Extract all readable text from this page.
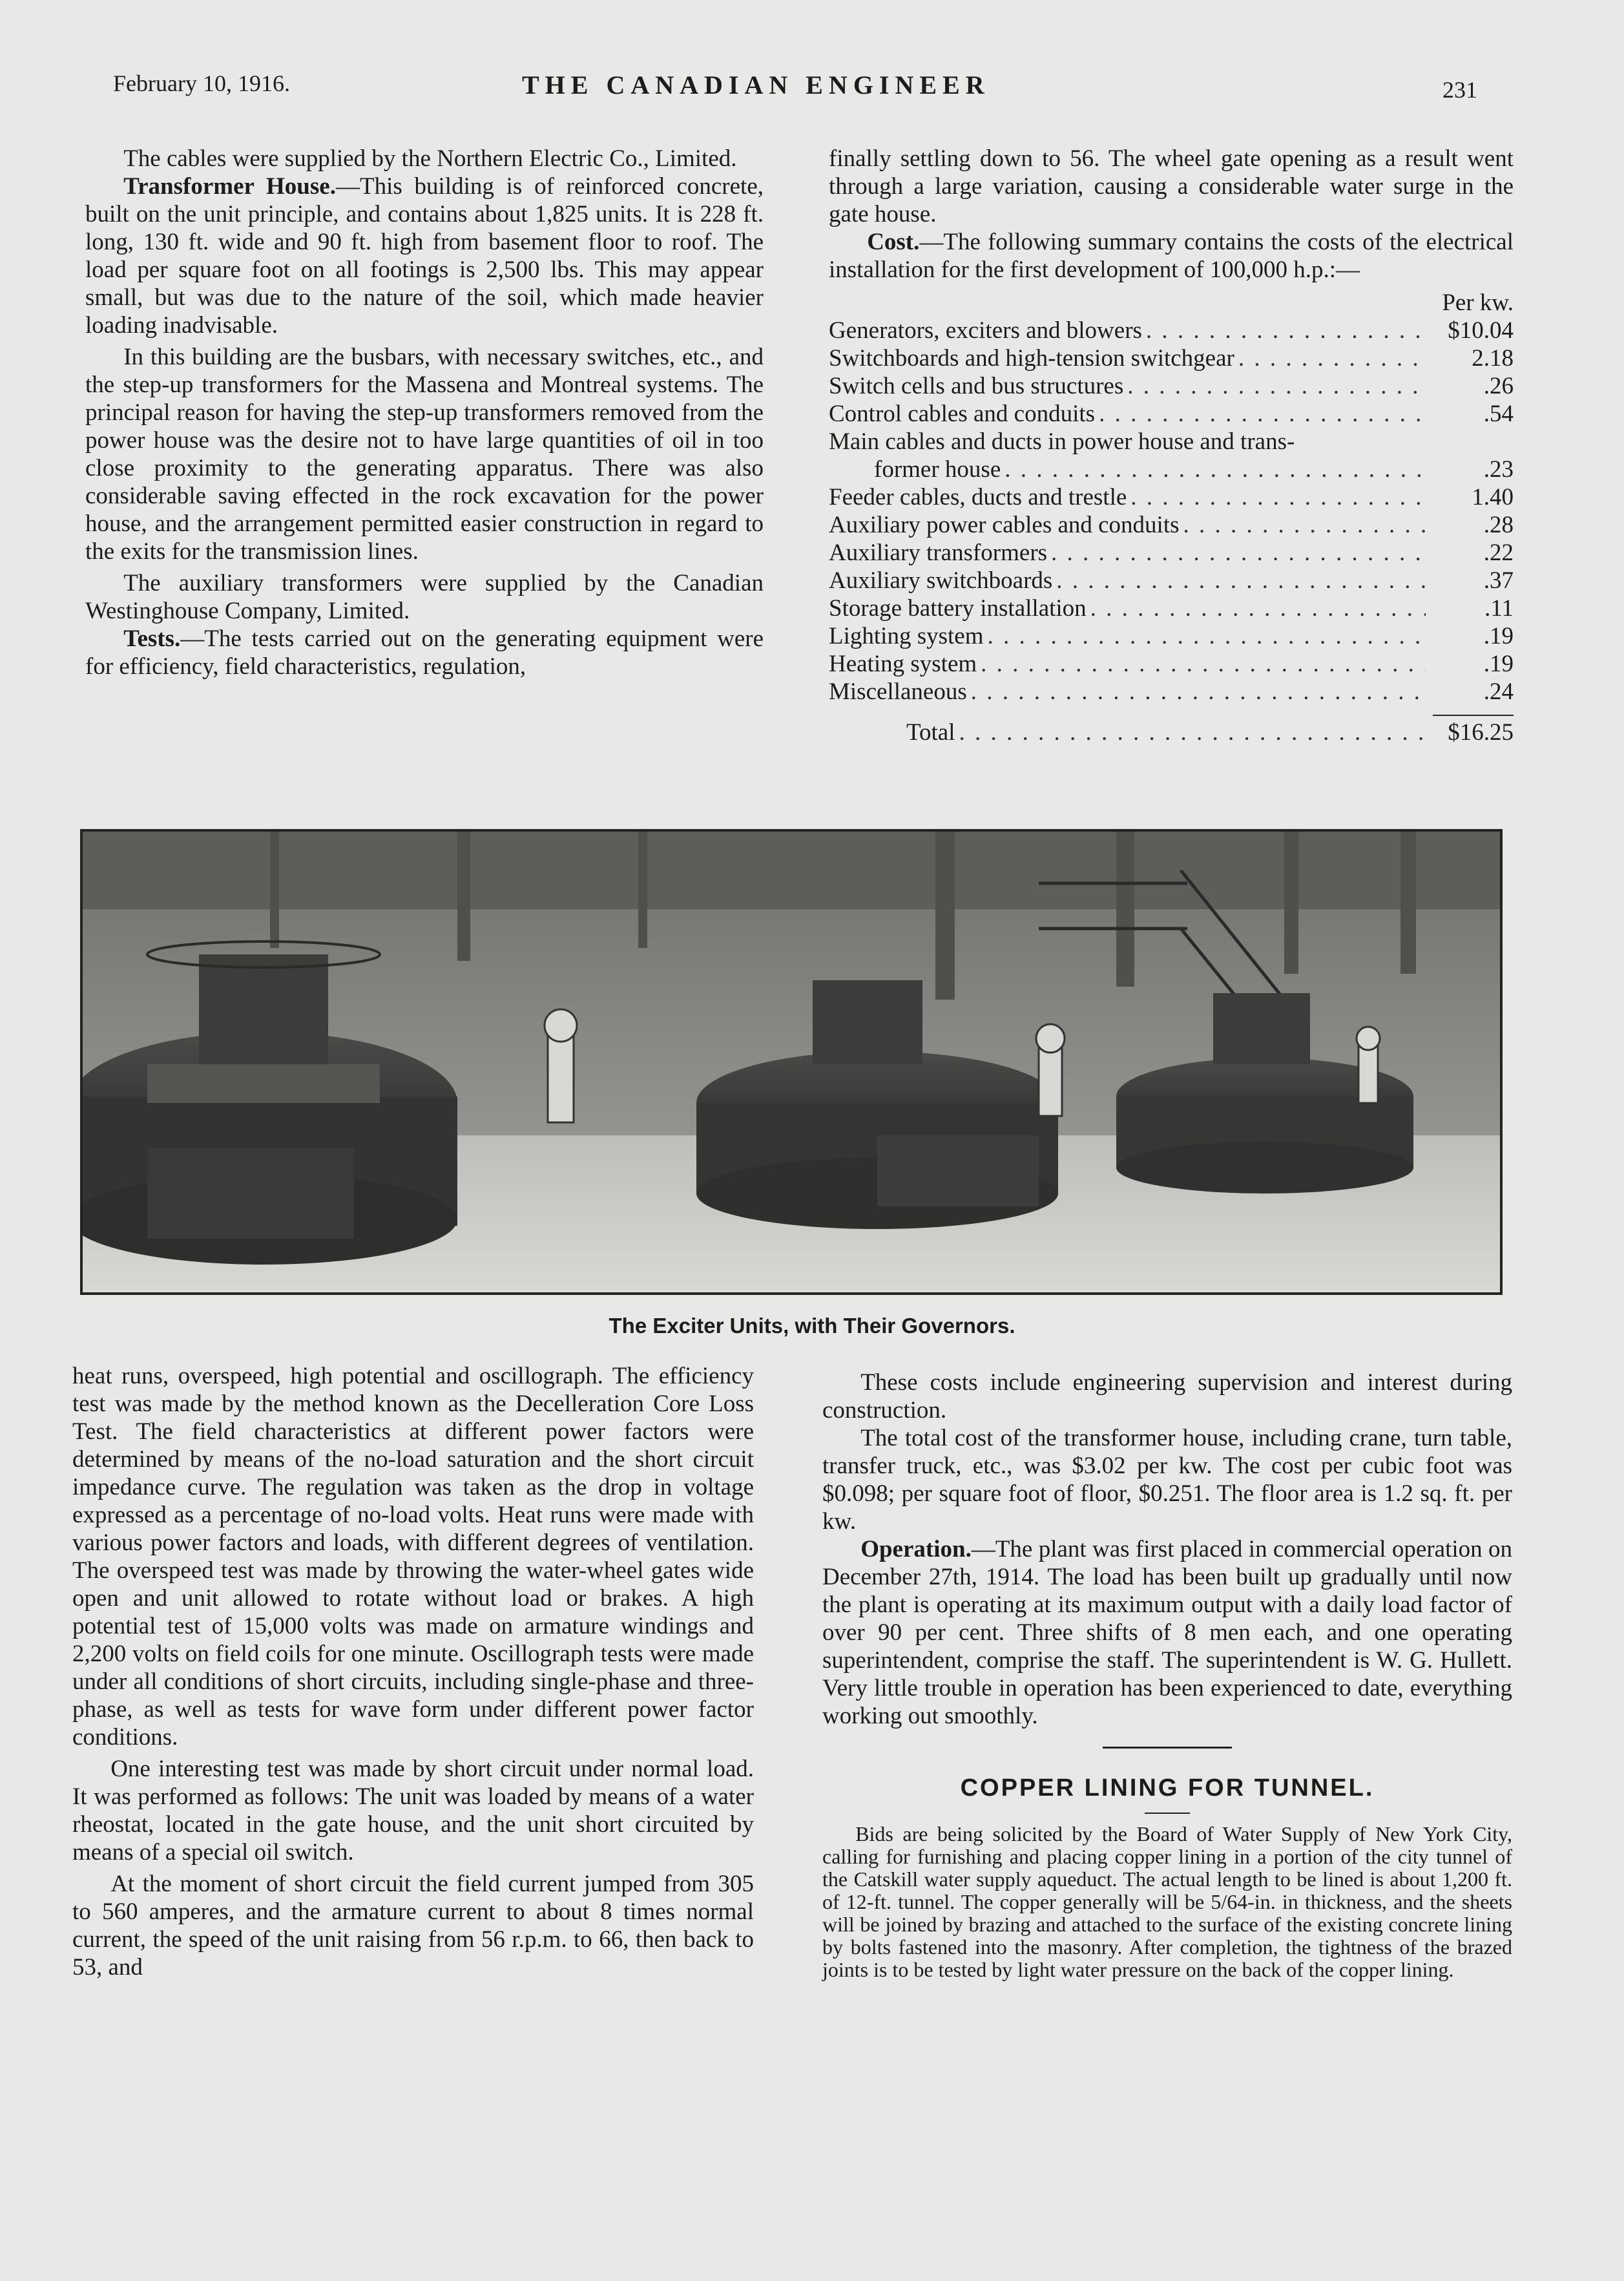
February 10, 1916.	THE CANADIAN ENGINEER	231

The cables were supplied by the Northern Electric Co., Limited.

Transformer House.—This building is of reinforced concrete, built on the unit principle, and contains about 1,825 units. It is 228 ft. long, 130 ft. wide and 90 ft. high from basement floor to roof. The load per square foot on all footings is 2,500 lbs. This may appear small, but was due to the nature of the soil, which made heavier loading inadvisable.

In this building are the busbars, with necessary switches, etc., and the step-up transformers for the Massena and Montreal systems. The principal reason for having the step-up transformers removed from the power house was the desire not to have large quantities of oil in too close proximity to the generating apparatus. There was also considerable saving effected in the rock excavation for the power house, and the arrangement permitted easier construction in regard to the exits for the transmission lines.

The auxiliary transformers were supplied by the Canadian Westinghouse Company, Limited.

Tests.—The tests carried out on the generating equipment were for efficiency, field characteristics, regulation,

finally settling down to 56. The wheel gate opening as a result went through a large variation, causing a considerable water surge in the gate house.

Cost.—The following summary contains the costs of the electrical installation for the first development of 100,000 h.p.:—

Per kw.
Generators, exciters and blowers . . .	$10.04
Switchboards and high-tension switchgear . . .	2.18
Switch cells and bus structures . . .	.26
Control cables and conduits . . .	.54
Main cables and ducts in power house and trans-
former house . . .	.23
Feeder cables, ducts and trestle . . .	1.40
Auxiliary power cables and conduits . . .	.28
Auxiliary transformers . . .	.22
Auxiliary switchboards . . .	.37
Storage battery installation . . .	.11
Lighting system . . .	.19
Heating system . . .	.19
Miscellaneous . . .	.24
Total . . .	$16.25
The Exciter Units, with Their Governors.

heat runs, overspeed, high potential and oscillograph. The efficiency test was made by the method known as the Decelleration Core Loss Test. The field characteristics at different power factors were determined by means of the no-load saturation and the short circuit impedance curve. The regulation was taken as the drop in voltage expressed as a percentage of no-load volts. Heat runs were made with various power factors and loads, with different degrees of ventilation. The overspeed test was made by throwing the water-wheel gates wide open and unit allowed to rotate without load or brakes. A high potential test of 15,000 volts was made on armature windings and 2,200 volts on field coils for one minute. Oscillograph tests were made under all conditions of short circuits, including single-phase and three-phase, as well as tests for wave form under different power factor conditions.

One interesting test was made by short circuit under normal load. It was performed as follows: The unit was loaded by means of a water rheostat, located in the gate house, and the unit short circuited by means of a special oil switch.

At the moment of short circuit the field current jumped from 305 to 560 amperes, and the armature current to about 8 times normal current, the speed of the unit raising from 56 r.p.m. to 66, then back to 53, and

These costs include engineering supervision and interest during construction.

The total cost of the transformer house, including crane, turn table, transfer truck, etc., was $3.02 per kw. The cost per cubic foot was $0.098; per square foot of floor, $0.251. The floor area is 1.2 sq. ft. per kw.

Operation.—The plant was first placed in commercial operation on December 27th, 1914. The load has been built up gradually until now the plant is operating at its maximum output with a daily load factor of over 90 per cent. Three shifts of 8 men each, and one operating superintendent, comprise the staff. The superintendent is W. G. Hullett. Very little trouble in operation has been experienced to date, everything working out smoothly.

COPPER LINING FOR TUNNEL.

Bids are being solicited by the Board of Water Supply of New York City, calling for furnishing and placing copper lining in a portion of the city tunnel of the Catskill water supply aqueduct. The actual length to be lined is about 1,200 ft. of 12-ft. tunnel. The copper generally will be 5/64-in. in thickness, and the sheets will be joined by brazing and attached to the surface of the existing concrete lining by bolts fastened into the masonry. After completion, the tightness of the brazed joints is to be tested by light water pressure on the back of the copper lining.
